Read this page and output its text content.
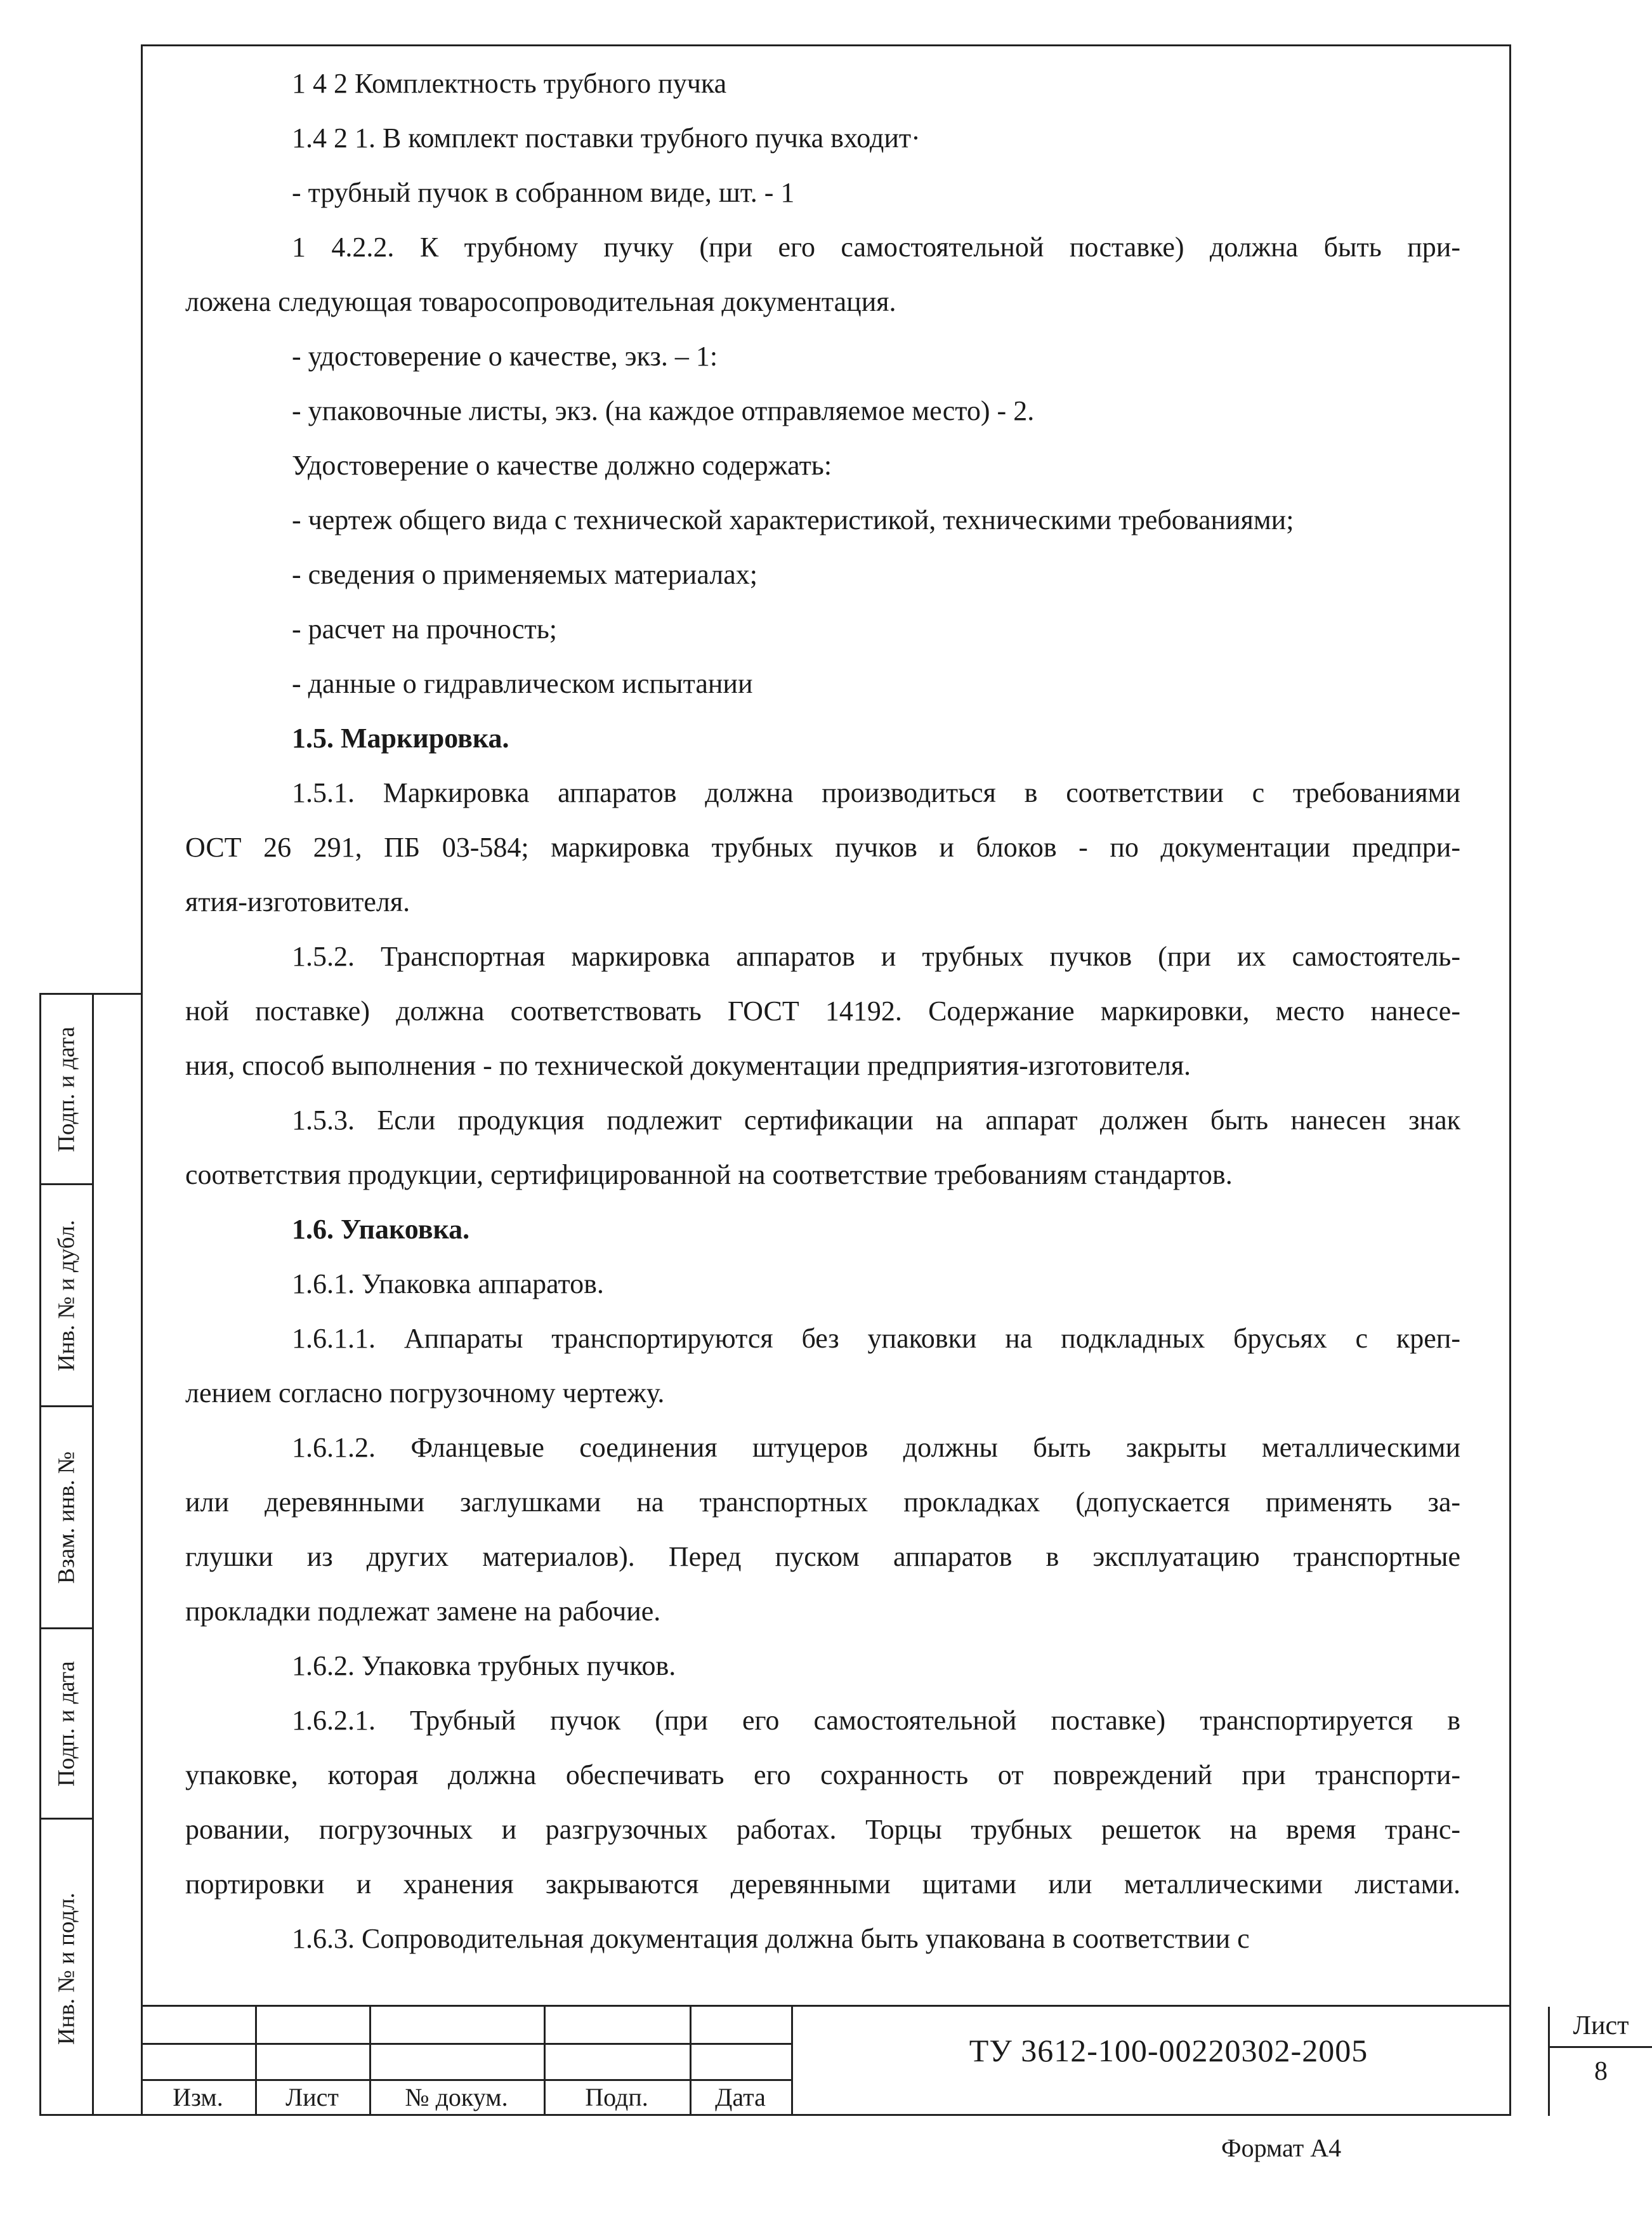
Подп. и дата
Инв. № и дубл.
Взам. инв. №
Подп. и дата
Инв. № и подл.
1 4 2 Комплектность трубного пучка
1.4 2 1. В комплект поставки трубного пучка входит·
- трубный пучок в собранном виде, шт. - 1
1 4.2.2. К трубному пучку (при его самостоятельной поставке) должна быть при-
ложена следующая товаросопроводительная документация.
- удостоверение о качестве, экз. – 1:
- упаковочные листы, экз. (на каждое отправляемое место) - 2.
Удостоверение о качестве должно содержать:
- чертеж общего вида с технической характеристикой, техническими требованиями;
- сведения о применяемых материалах;
- расчет на прочность;
- данные о гидравлическом испытании
1.5. Маркировка.
1.5.1. Маркировка аппаратов должна производиться в соответствии с требованиями
ОСТ 26 291, ПБ 03-584; маркировка трубных пучков и блоков - по документации предпри-
ятия-изготовителя.
1.5.2. Транспортная маркировка аппаратов и трубных пучков (при их самостоятель-
ной поставке) должна соответствовать ГОСТ 14192. Содержание маркировки, место нанесе-
ния, способ выполнения - по технической документации предприятия-изготовителя.
1.5.3. Если продукция подлежит сертификации на аппарат должен быть нанесен знак
соответствия продукции, сертифицированной на соответствие требованиям стандартов.
1.6. Упаковка.
1.6.1. Упаковка аппаратов.
1.6.1.1. Аппараты транспортируются без упаковки на подкладных брусьях с креп-
лением согласно погрузочному чертежу.
1.6.1.2. Фланцевые соединения штуцеров должны быть закрыты металлическими
или деревянными заглушками на транспортных прокладках (допускается применять за-
глушки из других материалов). Перед пуском аппаратов в эксплуатацию транспортные
прокладки подлежат замене на рабочие.
1.6.2. Упаковка трубных пучков.
1.6.2.1. Трубный пучок (при его самостоятельной поставке) транспортируется в
упаковке, которая должна обеспечивать его сохранность от повреждений при транспорти-
ровании, погрузочных и разгрузочных работах. Торцы трубных решеток на время транс-
портировки и хранения закрываются деревянными щитами или металлическими листами.
1.6.3. Сопроводительная документация должна быть упакована в соответствии с
Изм.	Лист	№ докум.	Подп.	Дата
ТУ 3612-100-00220302-2005
Лист
8
Формат А4
